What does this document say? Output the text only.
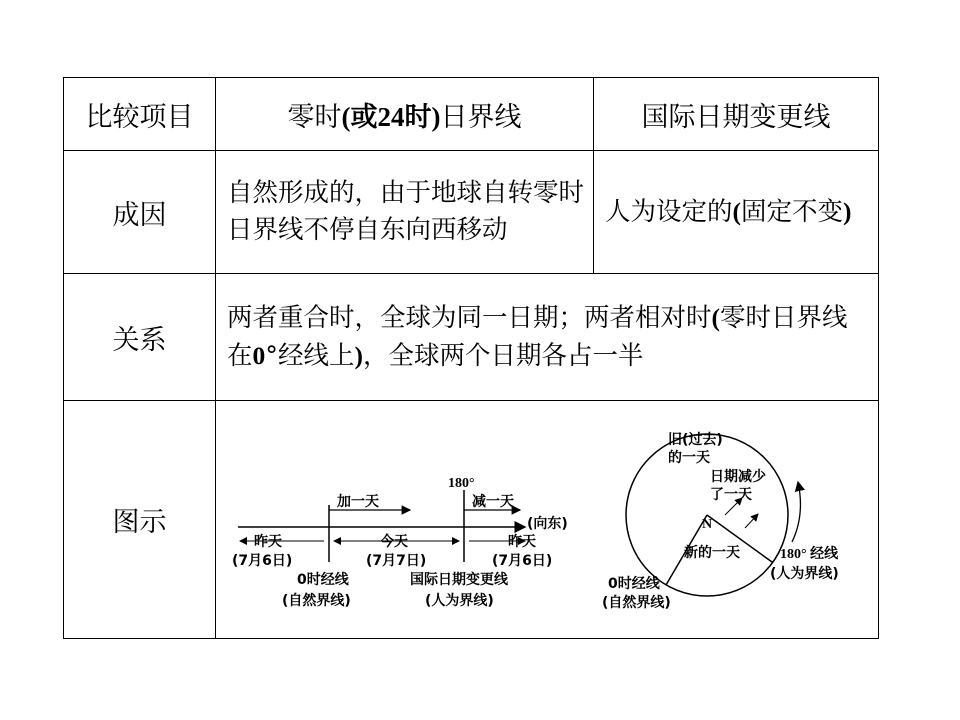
比较项目	零时(或24时)日界线	国际日期变更线
成因	自然形成的，由于地球自转零时日界线不停自东向西移动	人为设定的(固定不变)
关系	两者重合时，全球为同一日期；两者相对时(零时日界线在0°经线上)，全球两个日期各占一半	
图示		
加一天	减一天
180°
(向东)
昨天
(7月6日)
今天
(7月7日)
昨天
(7月6日)
0时经线
(自然界线)
国际日期变更线
(人为界线)
旧(过去)
的一天
日期减少
了一天
N
新的一天	180° 经线
(人为界线)
0时经线
(自然界线)
